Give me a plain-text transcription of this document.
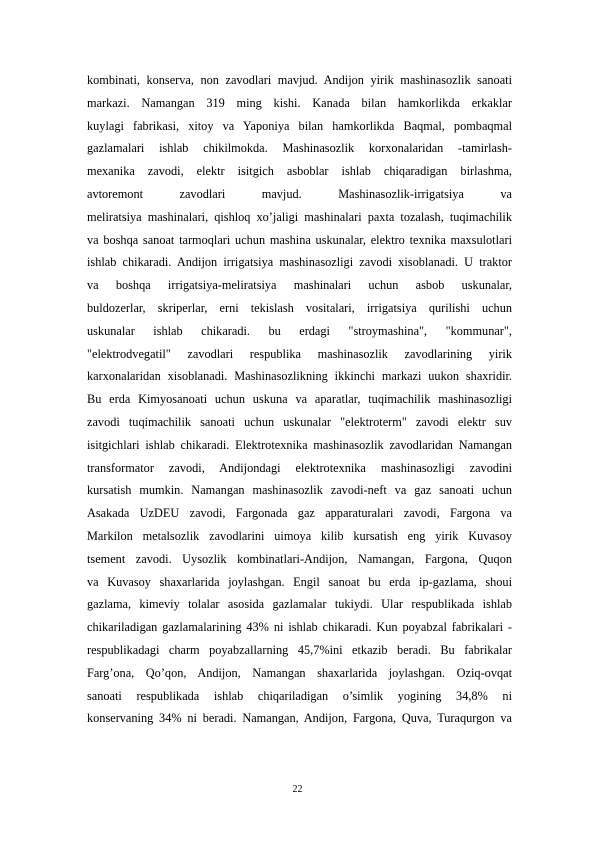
kombinati, konserva, non zavodlari mavjud. Andijon yirik mashinasozlik sanoati
markazi. Namangan 319 ming kishi. Kanada bilan hamkorlikda erkaklar
kuylagi fabrikasi, xitoy va Yaponiya bilan hamkorlikda Baqmal, pombaqmal
gazlamalari ishlab chikilmokda. Mashinasozlik korxonalaridan -tamirlash-
mexanika zavodi, elektr isitgich asboblar ishlab chiqaradigan birlashma,
avtoremont zavodlari mavjud. Mashinasozlik-irrigatsiya va
meliratsiya mashinalari, qishloq xo’jaligi mashinalari paxta tozalash, tuqimachilik
va boshqa sanoat tarmoqlari uchun mashina uskunalar, elektro texnika maxsulotlari
ishlab chikaradi. Andijon irrigatsiya mashinasozligi zavodi xisoblanadi. U traktor
va boshqa irrigatsiya-meliratsiya mashinalari uchun asbob uskunalar,
buldozerlar, skriperlar, erni tekislash vositalari, irrigatsiya qurilishi uchun
uskunalar ishlab chikaradi. bu erdagi "stroymashina", "kommunar",
"elektrodvegatil" zavodlari respublika mashinasozlik zavodlarining yirik
karxonalaridan xisoblanadi. Mashinasozlikning ikkinchi markazi uukon shaxridir.
Bu erda Kimyosanoati uchun uskuna va aparatlar, tuqimachilik mashinasozligi
zavodi tuqimachilik sanoati uchun uskunalar "elektroterm" zavodi elektr suv
isitgichlari ishlab chikaradi. Elektrotexnika mashinasozlik zavodlaridan Namangan
transformator zavodi, Andijondagi elektrotexnika mashinasozligi zavodini
kursatish mumkin. Namangan mashinasozlik zavodi-neft va gaz sanoati uchun
Asakada UzDEU zavodi, Fargonada gaz apparaturalari zavodi, Fargona va
Markilon metalsozlik zavodlarini uimoya kilib kursatish eng yirik Kuvasoy
tsement zavodi. Uysozlik kombinatlari-Andijon, Namangan, Fargona, Quqon
va Kuvasoy shaxarlarida joylashgan. Engil sanoat bu erda ip-gazlama, shoui
gazlama, kimeviy tolalar asosida gazlamalar tukiydi. Ular respublikada ishlab
chikariladigan gazlamalarining 43% ni ishlab chikaradi. Kun poyabzal fabrikalari -
respublikadagi charm poyabzallarning 45,7%ini etkazib beradi. Bu fabrikalar
Farg’ona, Qo’qon, Andijon, Namangan shaxarlarida joylashgan. Oziq-ovqat
sanoati respublikada ishlab chiqariladigan o’simlik yogining 34,8% ni
konservaning 34% ni beradi. Namangan, Andijon, Fargona, Quva, Turaqurgon va
22
